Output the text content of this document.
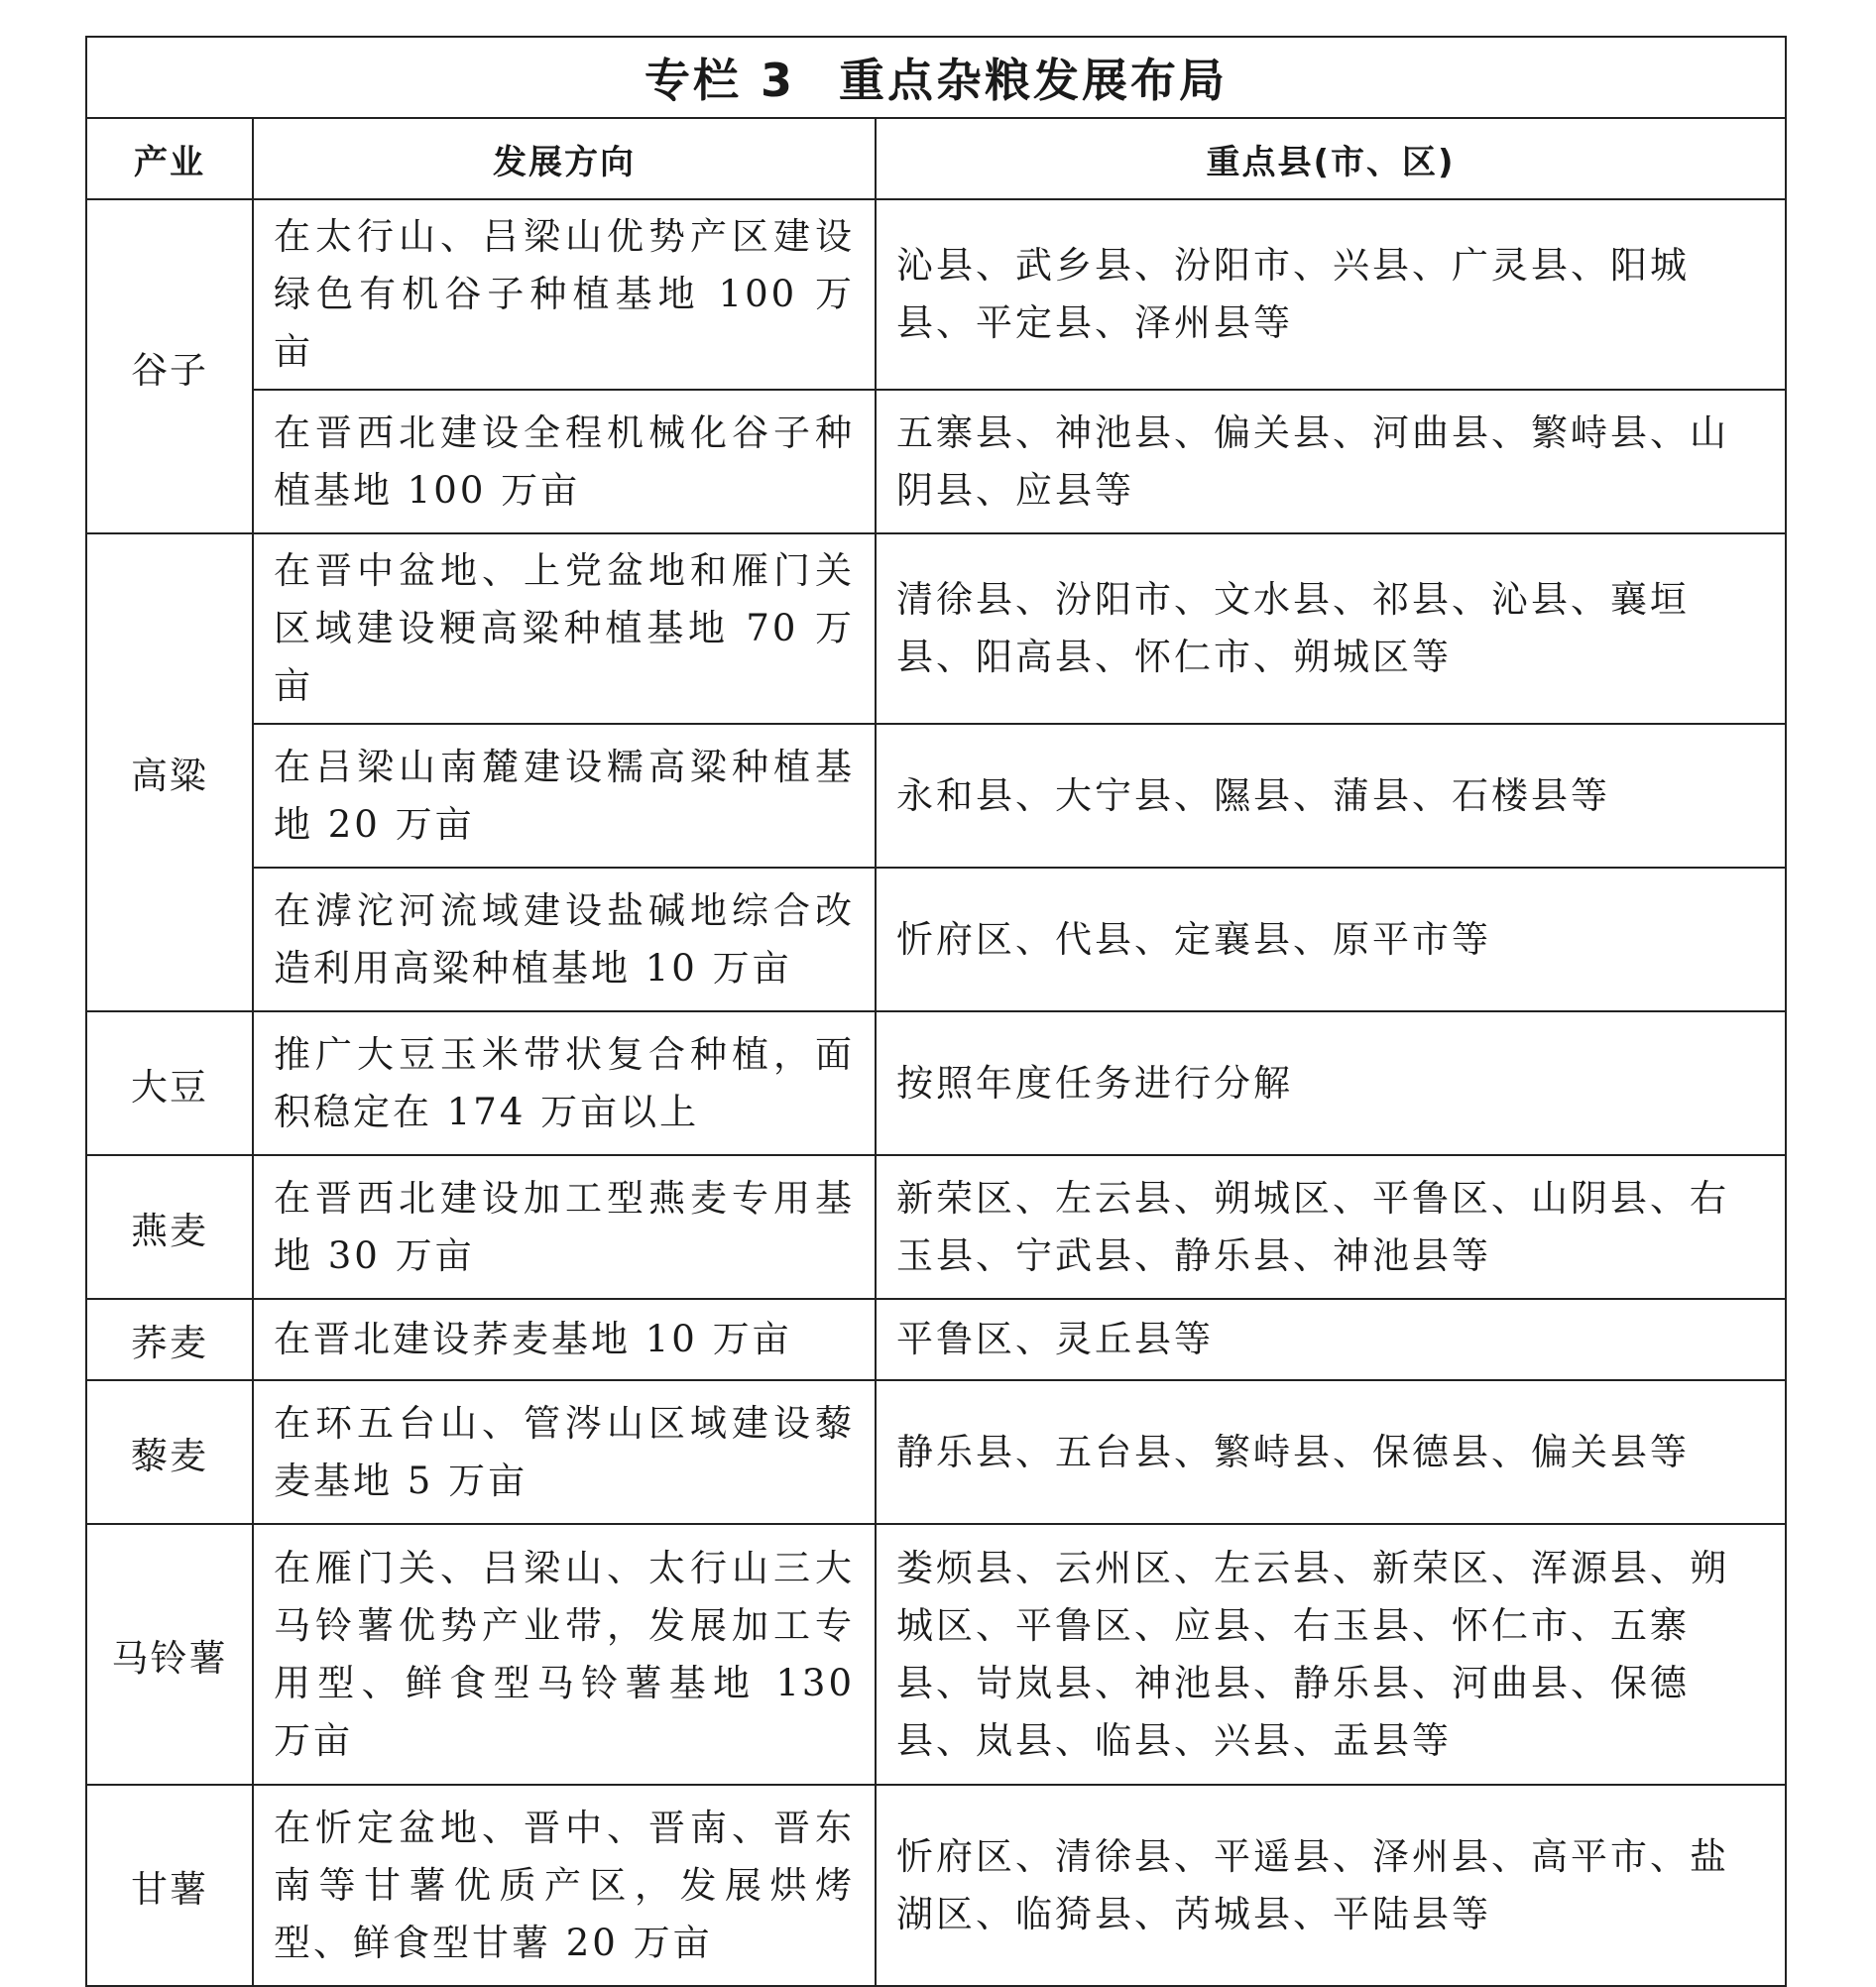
专栏 3 重点杂粮发展布局		
产业	发展方向	重点县(市、区)
谷子	在太行山、吕梁山优势产区建设绿色有机谷子种植基地 100 万亩	沁县、武乡县、汾阳市、兴县、广灵县、阳城县、平定县、泽州县等
	在晋西北建设全程机械化谷子种植基地 100 万亩	五寨县、神池县、偏关县、河曲县、繁峙县、山阴县、应县等
高粱	在晋中盆地、上党盆地和雁门关区域建设粳高粱种植基地 70 万亩	清徐县、汾阳市、文水县、祁县、沁县、襄垣县、阳高县、怀仁市、朔城区等
	在吕梁山南麓建设糯高粱种植基地 20 万亩	永和县、大宁县、隰县、蒲县、石楼县等
	在滹沱河流域建设盐碱地综合改造利用高粱种植基地 10 万亩	忻府区、代县、定襄县、原平市等
大豆	推广大豆玉米带状复合种植，面积稳定在 174 万亩以上	按照年度任务进行分解
燕麦	在晋西北建设加工型燕麦专用基地 30 万亩	新荣区、左云县、朔城区、平鲁区、山阴县、右玉县、宁武县、静乐县、神池县等
荞麦	在晋北建设荞麦基地 10 万亩	平鲁区、灵丘县等
藜麦	在环五台山、管涔山区域建设藜麦基地 5 万亩	静乐县、五台县、繁峙县、保德县、偏关县等
马铃薯	在雁门关、吕梁山、太行山三大马铃薯优势产业带，发展加工专用型、鲜食型马铃薯基地 130 万亩	娄烦县、云州区、左云县、新荣区、浑源县、朔城区、平鲁区、应县、右玉县、怀仁市、五寨县、岢岚县、神池县、静乐县、河曲县、保德县、岚县、临县、兴县、盂县等
甘薯	在忻定盆地、晋中、晋南、晋东南等甘薯优质产区，发展烘烤型、鲜食型甘薯 20 万亩	忻府区、清徐县、平遥县、泽州县、高平市、盐湖区、临猗县、芮城县、平陆县等
